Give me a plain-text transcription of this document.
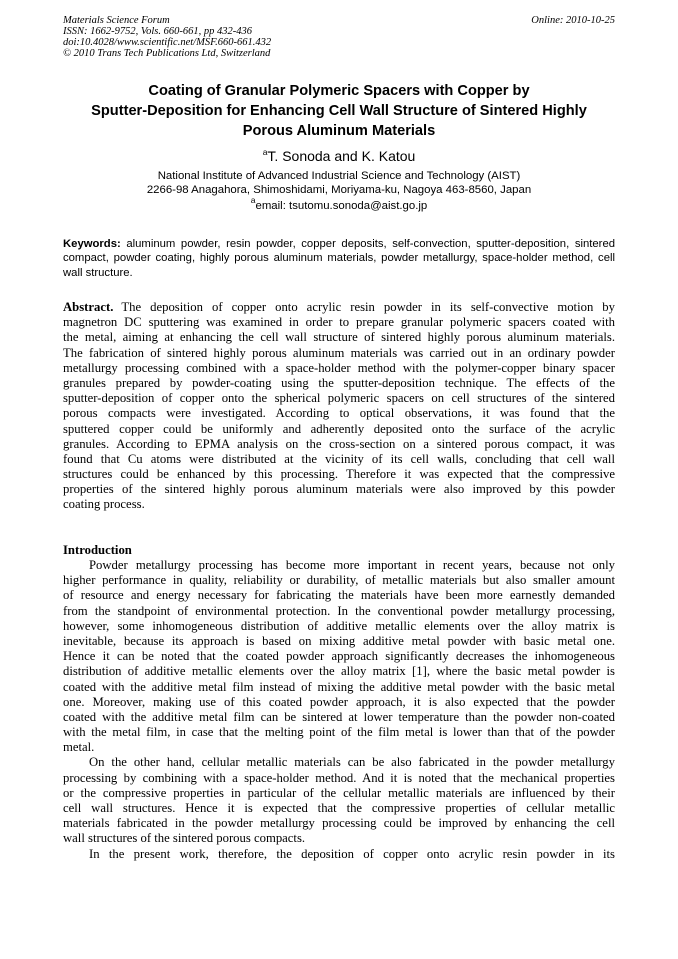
Materials Science Forum
ISSN: 1662-9752, Vols. 660-661, pp 432-436
doi:10.4028/www.scientific.net/MSF.660-661.432
© 2010 Trans Tech Publications Ltd, Switzerland
Online: 2010-10-25
Coating of Granular Polymeric Spacers with Copper by
Sputter-Deposition for Enhancing Cell Wall Structure of Sintered Highly
Porous Aluminum Materials
$^a$T. Sonoda and K. Katou
National Institute of Advanced Industrial Science and Technology (AIST)
2266-98 Anagahora, Shimoshidami, Moriyama-ku, Nagoya 463-8560, Japan
$^a$email: tsutomu.sonoda@aist.go.jp
Keywords: aluminum powder, resin powder, copper deposits, self-convection, sputter-deposition, sintered compact, powder coating, highly porous aluminum materials, powder metallurgy, space-holder method, cell wall structure.
Abstract. The deposition of copper onto acrylic resin powder in its self-convective motion by
magnetron DC sputtering was examined in order to prepare granular polymeric spacers coated with
the metal, aiming at enhancing the cell wall structure of sintered highly porous aluminum materials.
The fabrication of sintered highly porous aluminum materials was carried out in an ordinary powder
metallurgy processing combined with a space-holder method with the polymer-copper binary spacer
granules prepared by powder-coating using the sputter-deposition technique. The effects of the
sputter-deposition of copper onto the spherical polymeric spacers on cell structures of the sintered
porous compacts were investigated. According to optical observations, it was found that the
sputtered copper could be uniformly and adherently deposited onto the surface of the acrylic
granules. According to EPMA analysis on the cross-section on a sintered porous compact, it was
found that Cu atoms were distributed at the vicinity of its cell walls, concluding that cell wall
structures could be enhanced by this processing. Therefore it was expected that the compressive
properties of the sintered highly porous aluminum materials were also improved by this powder
coating process.
Introduction
Powder metallurgy processing has become more important in recent years, because not only
higher performance in quality, reliability or durability, of metallic materials but also smaller amount
of resource and energy necessary for fabricating the materials have been more earnestly demanded
from the standpoint of environmental protection. In the conventional powder metallurgy processing,
however, some inhomogeneous distribution of additive metallic elements over the alloy matrix is
inevitable, because its approach is based on mixing additive metal powder with basic metal one.
Hence it can be noted that the coated powder approach significantly decreases the inhomogeneous
distribution of additive metallic elements over the alloy matrix [1], where the basic metal powder is
coated with the additive metal film instead of mixing the additive metal powder with the basic metal
one. Moreover, making use of this coated powder approach, it is also expected that the powder
coated with the additive metal film can be sintered at lower temperature than the powder non-coated
with the metal film, in case that the melting point of the film metal is lower than that of the powder
metal.
On the other hand, cellular metallic materials can be also fabricated in the powder metallurgy
processing by combining with a space-holder method. And it is noted that the mechanical properties
or the compressive properties in particular of the cellular metallic materials are influenced by their
cell wall structures. Hence it is expected that the compressive properties of cellular metallic
materials fabricated in the powder metallurgy processing could be improved by enhancing the cell
wall structures of the sintered porous compacts.
In the present work, therefore, the deposition of copper onto acrylic resin powder in its
